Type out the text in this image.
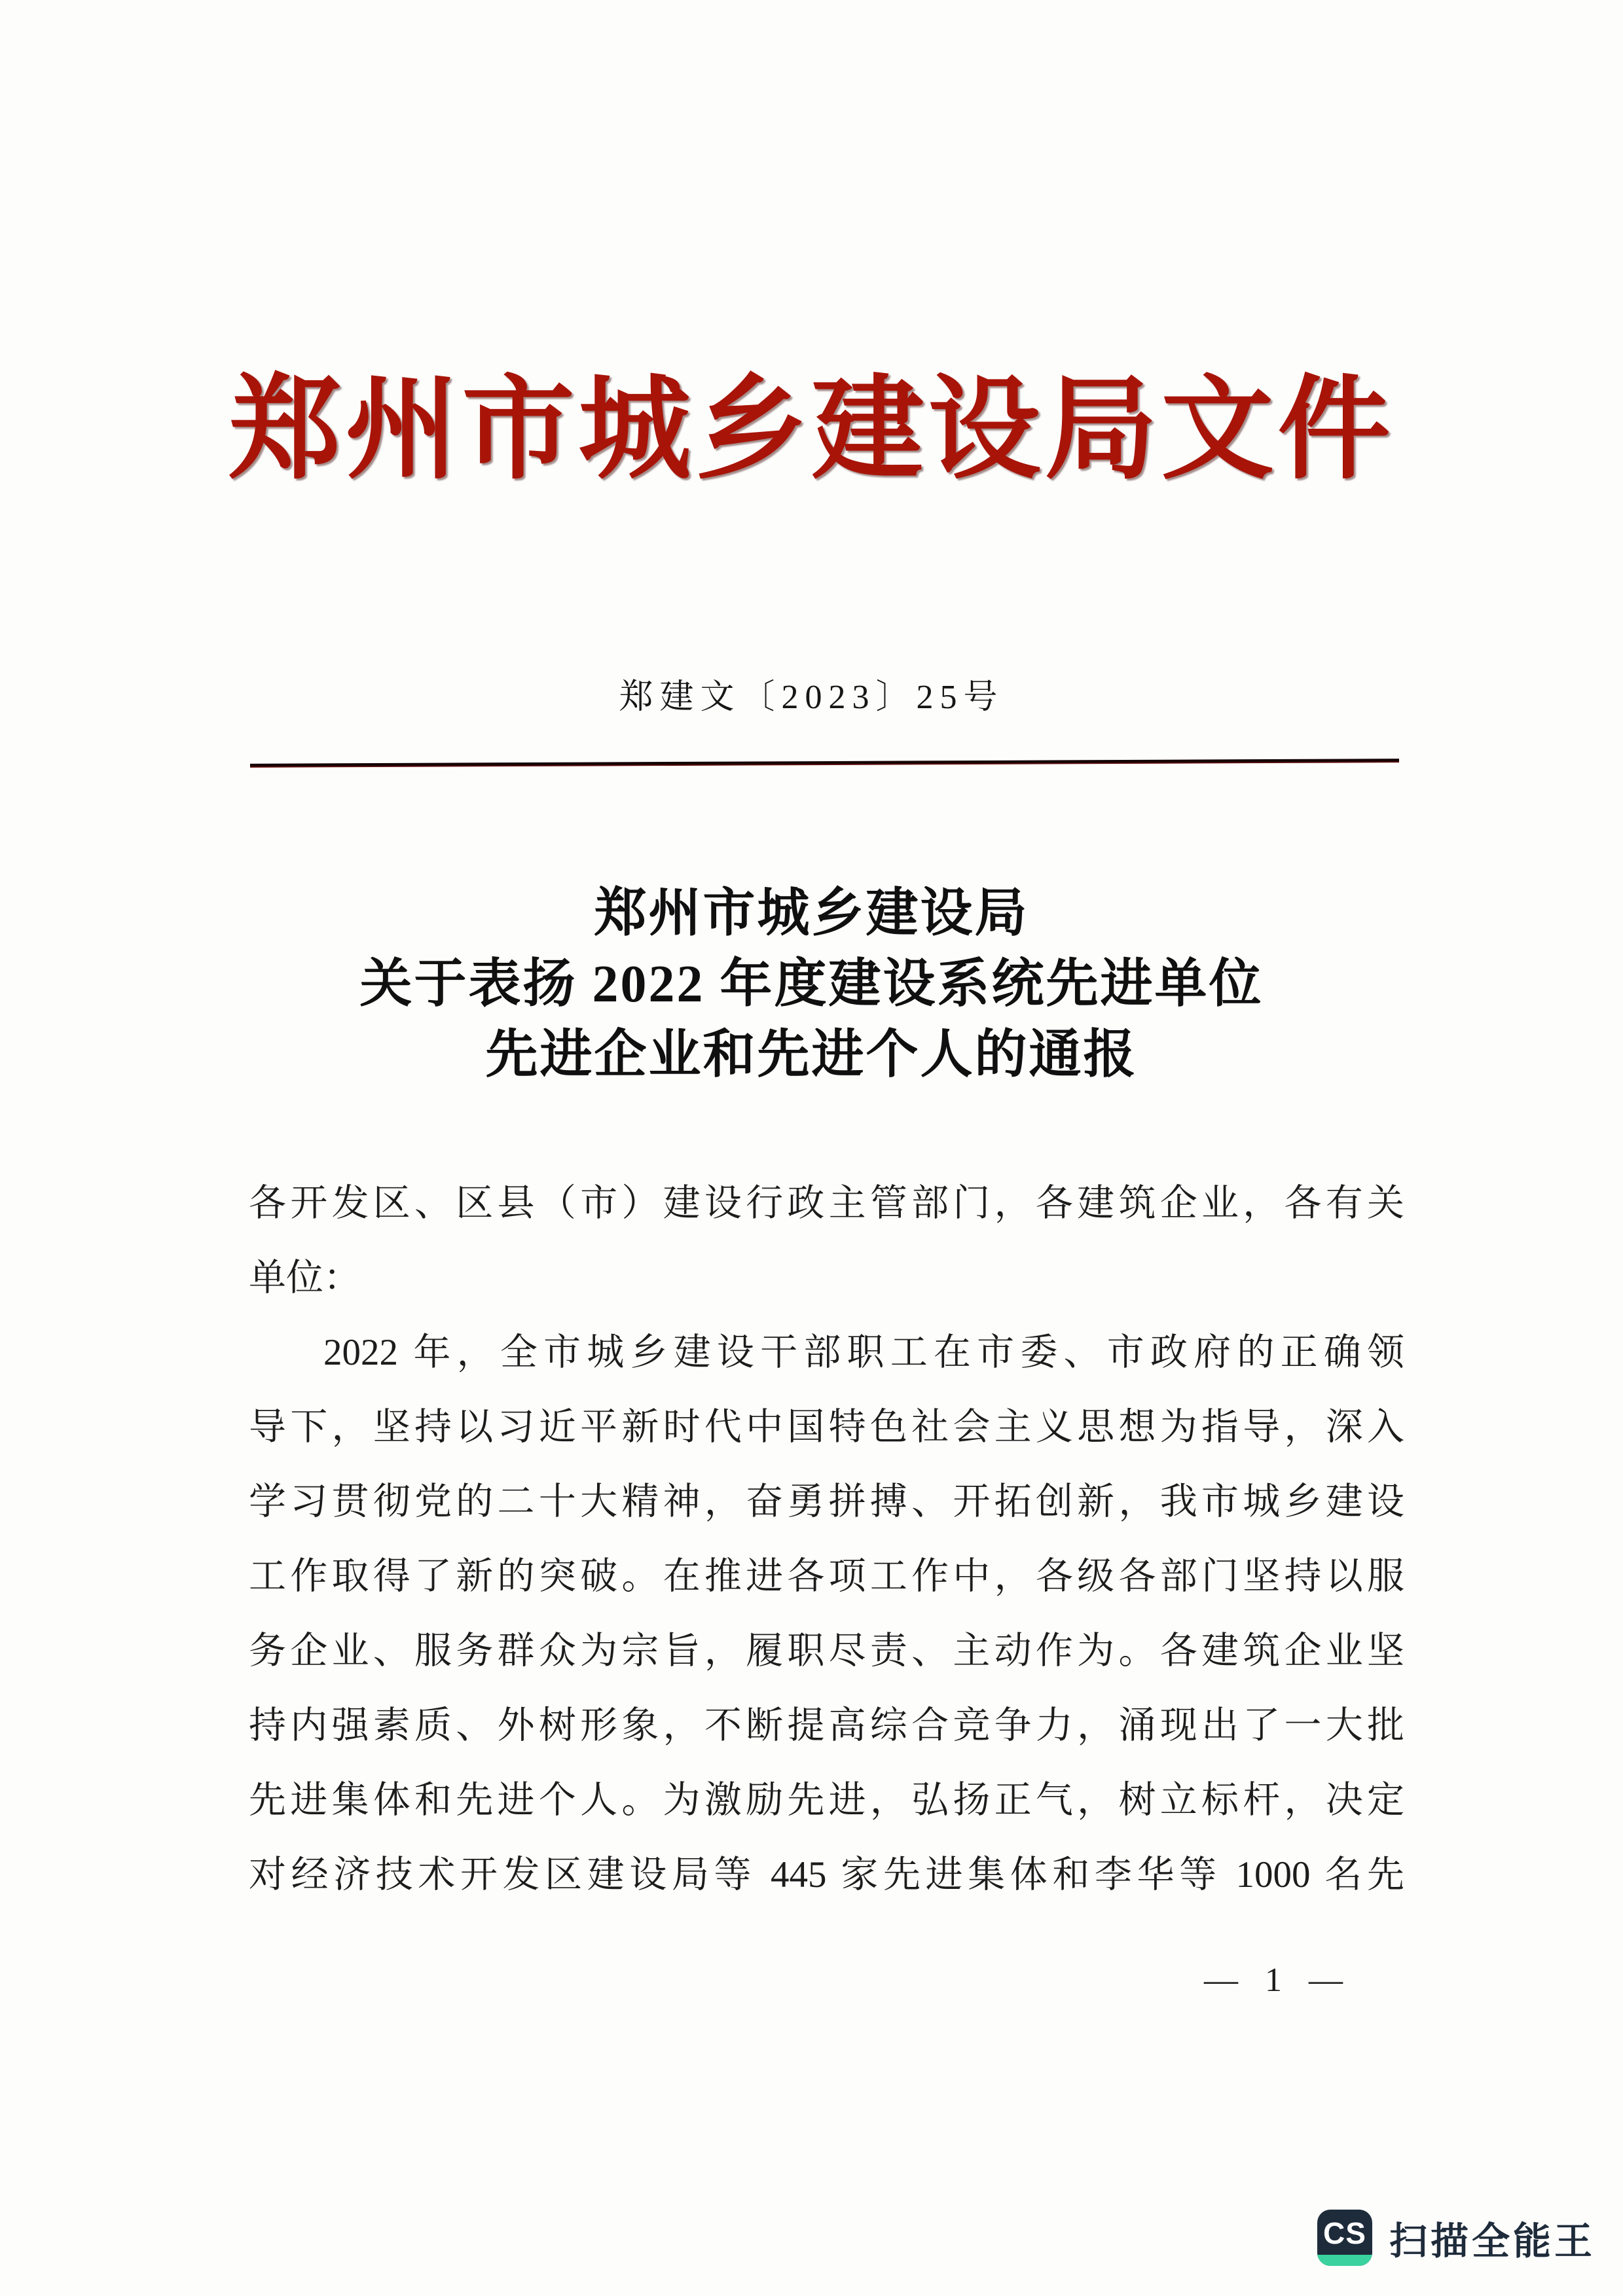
郑州市城乡建设局文件
郑建文〔2023〕25号
郑州市城乡建设局
关于表扬 2022 年度建设系统先进单位
先进企业和先进个人的通报
各开发区、区县（市）建设行政主管部门，各建筑企业，各有关
单位：
2022 年，全市城乡建设干部职工在市委、市政府的正确领
导下，坚持以习近平新时代中国特色社会主义思想为指导，深入
学习贯彻党的二十大精神，奋勇拼搏、开拓创新，我市城乡建设
工作取得了新的突破。在推进各项工作中，各级各部门坚持以服
务企业、服务群众为宗旨，履职尽责、主动作为。各建筑企业坚
持内强素质、外树形象，不断提高综合竞争力，涌现出了一大批
先进集体和先进个人。为激励先进，弘扬正气，树立标杆，决定
对经济技术开发区建设局等 445 家先进集体和李华等 1000 名先
— 1 —
CS 扫描全能王
